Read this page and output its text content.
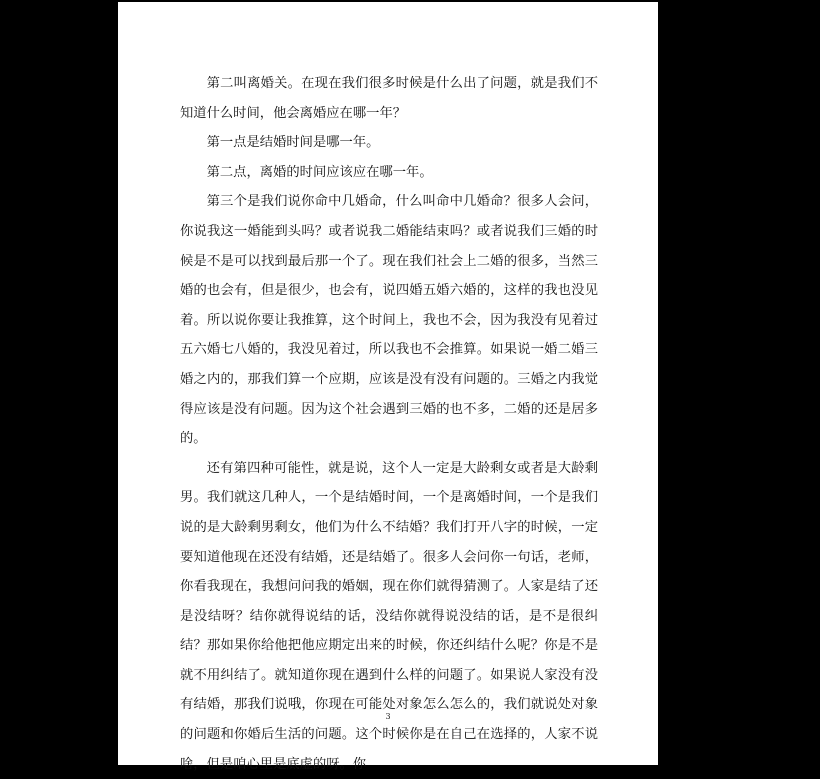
第二叫离婚关。在现在我们很多时候是什么出了问题，就是我们不知道什么时间，他会离婚应在哪一年？

第一点是结婚时间是哪一年。

第二点，离婚的时间应该应在哪一年。

第三个是我们说你命中几婚命，什么叫命中几婚命？很多人会问，你说我这一婚能到头吗？或者说我二婚能结束吗？或者说我们三婚的时候是不是可以找到最后那一个了。现在我们社会上二婚的很多，当然三婚的也会有，但是很少，也会有，说四婚五婚六婚的，这样的我也没见着。所以说你要让我推算，这个时间上，我也不会，因为我没有见着过五六婚七八婚的，我没见着过，所以我也不会推算。如果说一婚二婚三婚之内的，那我们算一个应期，应该是没有没有问题的。三婚之内我觉得应该是没有问题。因为这个社会遇到三婚的也不多，二婚的还是居多的。

还有第四种可能性，就是说，这个人一定是大龄剩女或者是大龄剩男。我们就这几种人，一个是结婚时间，一个是离婚时间，一个是我们说的是大龄剩男剩女，他们为什么不结婚？我们打开八字的时候，一定要知道他现在还没有结婚，还是结婚了。很多人会问你一句话，老师，你看我现在，我想问问我的婚姻，现在你们就得猜测了。人家是结了还是没结呀？结你就得说结的话，没结你就得说没结的话，是不是很纠结？那如果你给他把他应期定出来的时候，你还纠结什么呢？你是不是就不用纠结了。就知道你现在遇到什么样的问题了。如果说人家没有没有结婚，那我们说哦，你现在可能处对象怎么怎么的，我们就说处对象的问题和你婚后生活的问题。这个时候你是在自己在选择的，人家不说啥，但是咱心里是底虚的呀。你

3
